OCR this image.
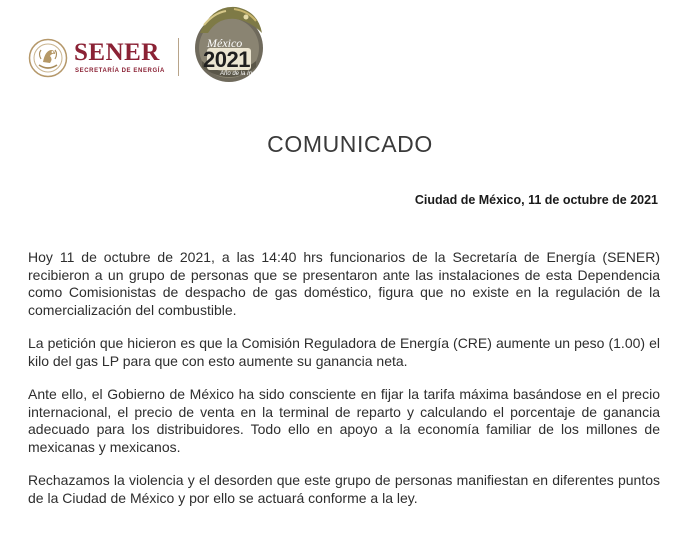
SENER
SECRETARÍA DE ENERGÍA
México
2021
Año de la Independencia
COMUNICADO
Ciudad de México, 11 de octubre de 2021

Hoy 11 de octubre de 2021, a las 14:40 hrs funcionarios de la Secretaría de Energía (SENER) recibieron a un grupo de personas que se presentaron ante las instalaciones de esta Dependencia como Comisionistas de despacho de gas doméstico, figura que no existe en la regulación de la comercialización del combustible.

La petición que hicieron es que la Comisión Reguladora de Energía (CRE) aumente un peso (1.00) el kilo del gas LP para que con esto aumente su ganancia neta.

Ante ello, el Gobierno de México ha sido consciente en fijar la tarifa máxima basándose en el precio internacional, el precio de venta en la terminal de reparto y calculando el porcentaje de ganancia adecuado para los distribuidores. Todo ello en apoyo a la economía familiar de los millones de mexicanas y mexicanos.

Rechazamos la violencia y el desorden que este grupo de personas manifiestan en diferentes puntos de la Ciudad de México y por ello se actuará conforme a la ley.
